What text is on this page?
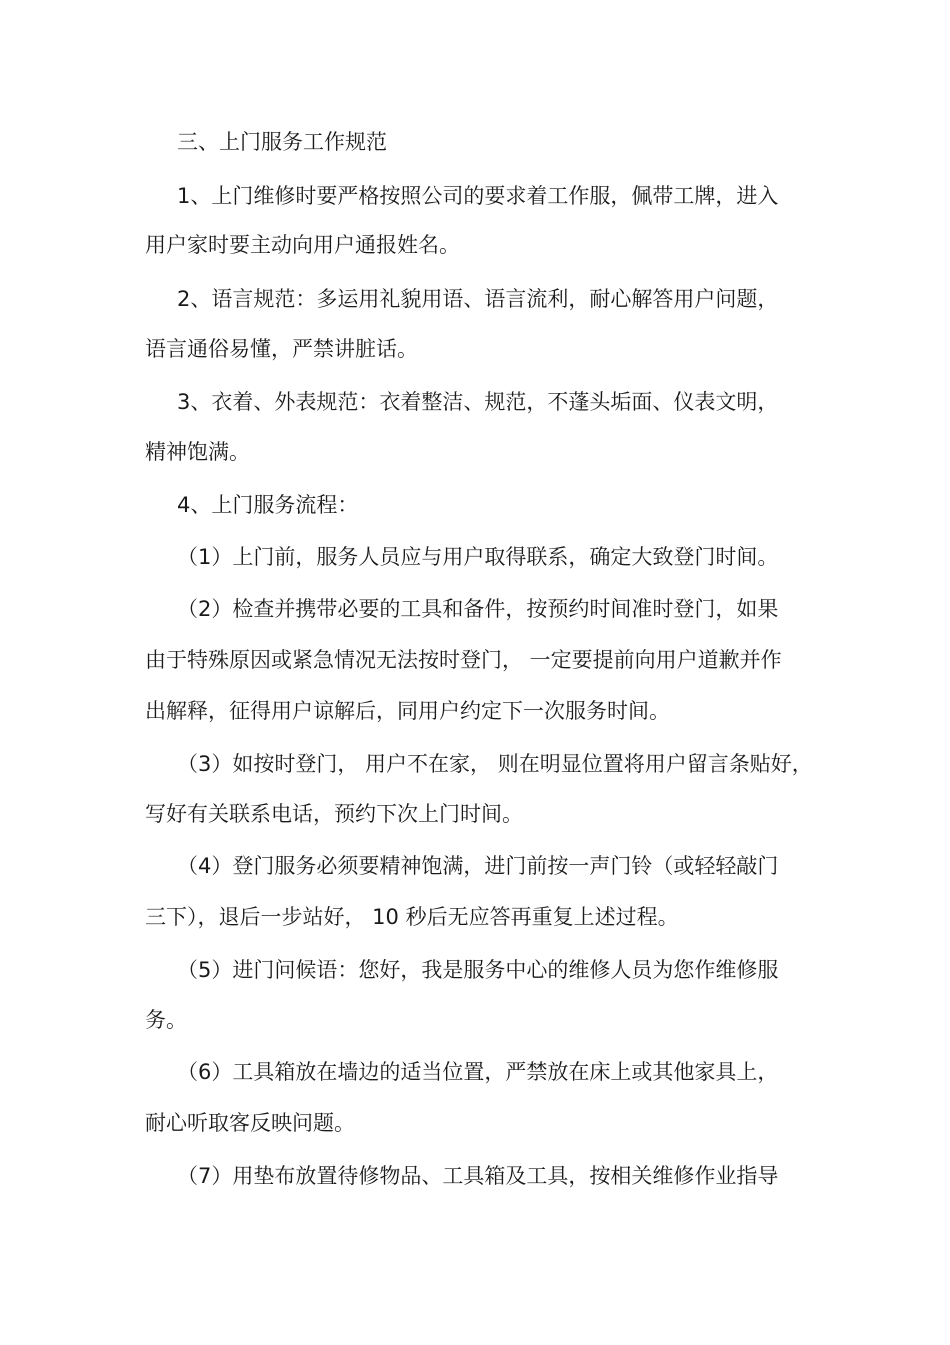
三、上门服务工作规范
1、上门维修时要严格按照公司的要求着工作服，佩带工牌，进入
用户家时要主动向用户通报姓名。
2、语言规范：多运用礼貌用语、语言流利，耐心解答用户问题，
语言通俗易懂，严禁讲脏话。
3、衣着、外表规范：衣着整洁、规范，不蓬头垢面、仪表文明，
精神饱满。
4、上门服务流程：
（1）上门前，服务人员应与用户取得联系，确定大致登门时间。
（2）检查并携带必要的工具和备件，按预约时间准时登门，如果
由于特殊原因或紧急情况无法按时登门， 一定要提前向用户道歉并作
出解释，征得用户谅解后，同用户约定下一次服务时间。
（3）如按时登门， 用户不在家， 则在明显位置将用户留言条贴好，
写好有关联系电话，预约下次上门时间。
（4）登门服务必须要精神饱满，进门前按一声门铃（或轻轻敲门
三下），退后一步站好， 10 秒后无应答再重复上述过程。
（5）进门问候语：您好，我是服务中心的维修人员为您作维修服
务。
（6）工具箱放在墙边的适当位置，严禁放在床上或其他家具上，
耐心听取客反映问题。
（7）用垫布放置待修物品、工具箱及工具，按相关维修作业指导
